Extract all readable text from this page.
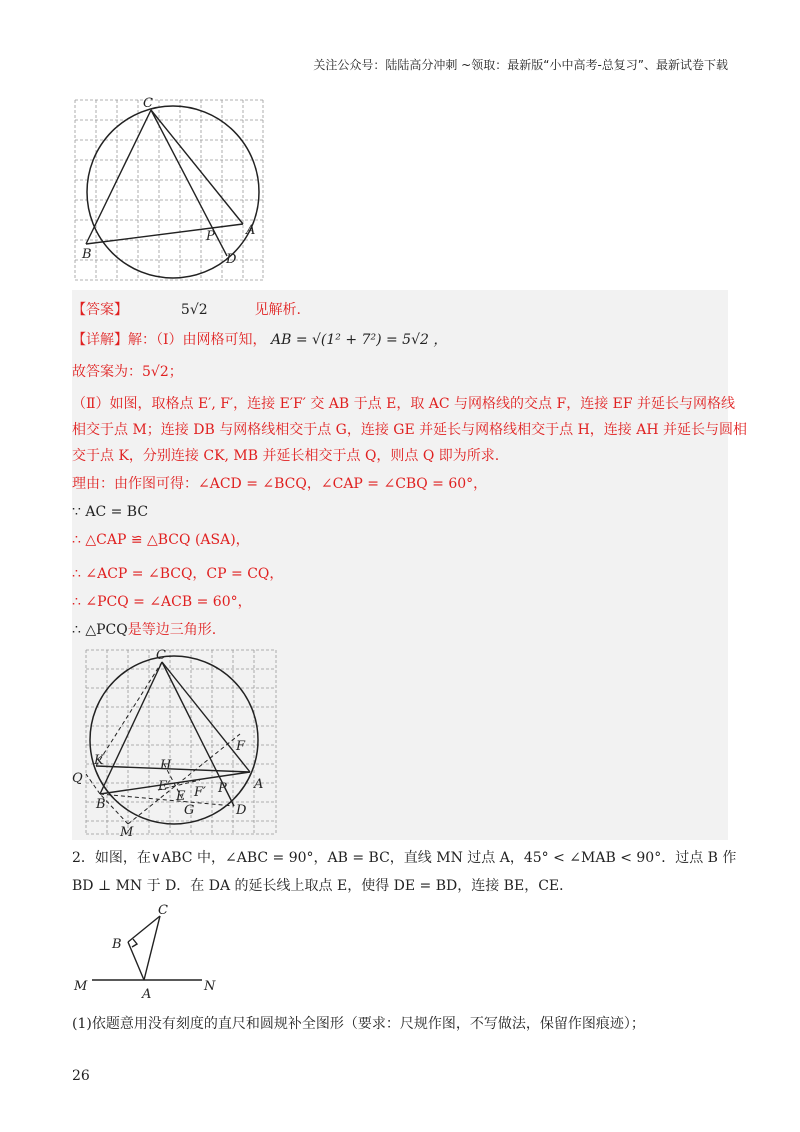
关注公众号：陆陆高分冲刺 ~领取：最新版“小中高考-总复习”、最新试卷下载
C
A
B
P
D
【答案】	5√2	见解析.
【详解】解：（Ⅰ）由网格可知， AB = √(1² + 7²) = 5√2 ，
故答案为：5√2；
（Ⅱ）如图，取格点 E′, F′，连接 E′F′ 交 AB 于点 E，取 AC 与网格线的交点 F，连接 EF 并延长与网格线
相交于点 M；连接 DB 与网格线相交于点 G，连接 GE 并延长与网格线相交于点 H，连接 AH 并延长与圆相
交于点 K，分别连接 CK, MB 并延长相交于点 Q，则点 Q 即为所求.
理由：由作图可得：∠ACD = ∠BCQ，∠CAP = ∠CBQ = 60°，
∵ AC = BC
∴ △CAP ≌ △BCQ (ASA)，
∴ ∠ACP = ∠BCQ，CP = CQ，
∴ ∠PCQ = ∠ACB = 60°，
∴ △PCQ是等边三角形.
C
K	H
F
Q
E′
E F′ P A
B	G	D
M
2．如图，在∨ABC 中，∠ABC = 90°，AB = BC，直线 MN 过点 A，45° < ∠MAB < 90°．过点 B 作
BD ⊥ MN 于 D．在 DA 的延长线上取点 E，使得 DE = BD，连接 BE，CE．
C
B
M
A
N
(1)依题意用没有刻度的直尺和圆规补全图形（要求：尺规作图，不写做法，保留作图痕迹）；
26
